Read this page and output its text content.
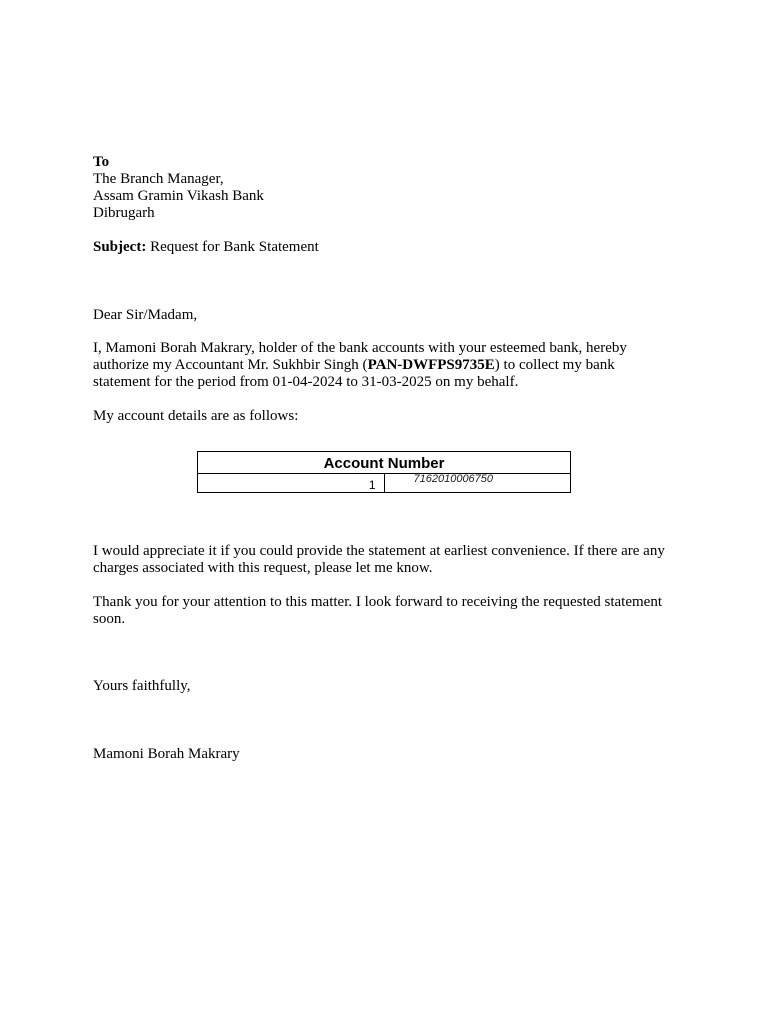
To
The Branch Manager,
Assam Gramin Vikash Bank
Dibrugarh
Subject: Request for Bank Statement
Dear Sir/Madam,
I, Mamoni Borah Makrary, holder of the bank accounts with your esteemed bank, hereby authorize my Accountant Mr. Sukhbir Singh (PAN-DWFPS9735E) to collect my bank statement for the period from 01-04-2024 to 31-03-2025 on my behalf.
My account details are as follows:
Account Number
1	7162010006750
I would appreciate it if you could provide the statement at earliest convenience. If there are any charges associated with this request, please let me know.
Thank you for your attention to this matter. I look forward to receiving the requested statement soon.
Yours faithfully,
Mamoni Borah Makrary
